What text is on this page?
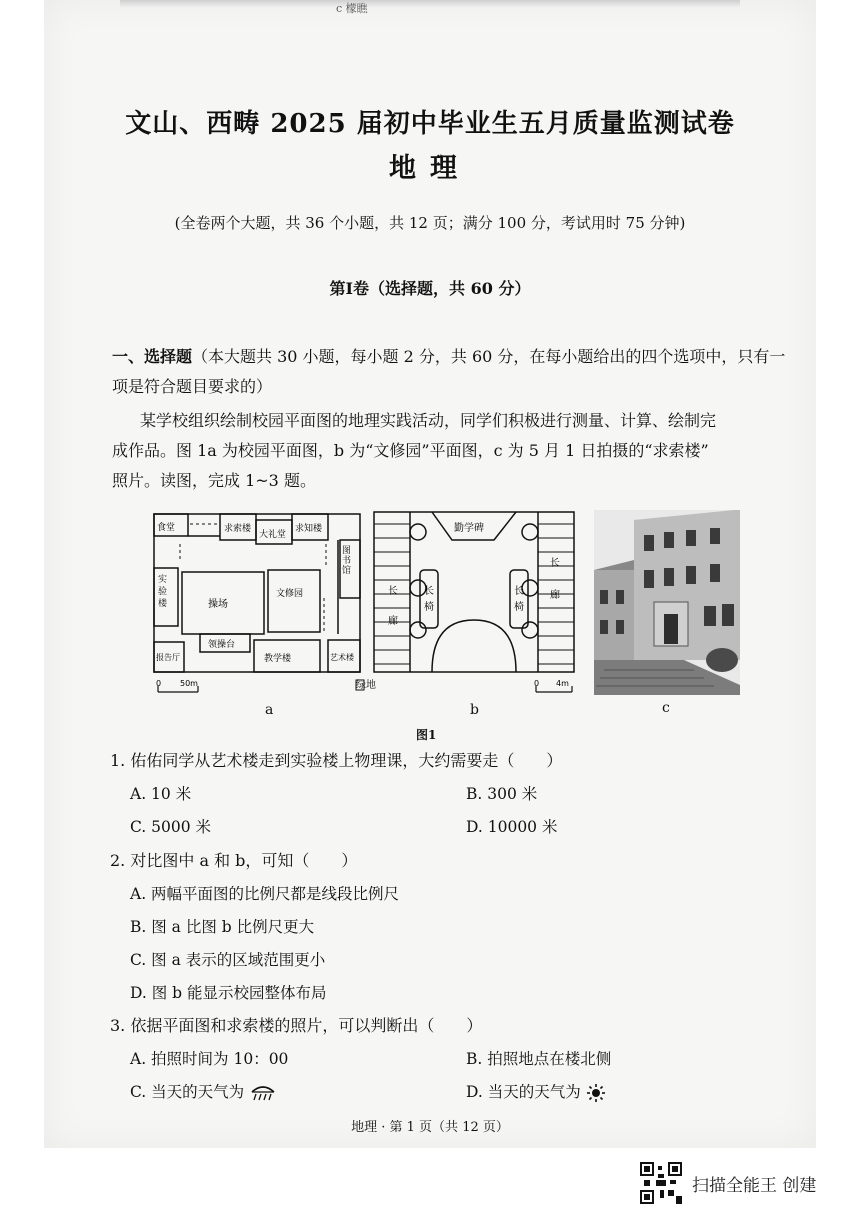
c 檬瞧
文山、西畴 2025 届初中毕业生五月质量监测试卷
地理
(全卷两个大题，共 36 个小题，共 12 页；满分 100 分，考试用时 75 分钟)
第Ⅰ卷（选择题，共 60 分）
一、选择题（本大题共 30 小题，每小题 2 分，共 60 分，在每小题给出的四个选项中，只有一
项是符合题目要求的）
某学校组织绘制校园平面图的地理实践活动，同学们积极进行测量、计算、绘制完
成作品。图 1a 为校园平面图，b 为“文修园”平面图，c 为 5 月 1 日拍摄的“求索楼”
照片。读图，完成 1~3 题。
食堂	求索楼
大礼堂
求知楼
操场
文修园
领操台
教学楼	艺术楼
报告厅
0 50m
图
书
馆
实
验
楼
绿地
勤学碑
长
廊
长
廊
长
椅
长
椅
0 4m
a	b	c
图1
1. 佑佑同学从艺术楼走到实验楼上物理课，大约需要走（　　）
A. 10 米	B. 300 米
C. 5000 米	D. 10000 米
2. 对比图中 a 和 b，可知（　　）
A. 两幅平面图的比例尺都是线段比例尺
B. 图 a 比图 b 比例尺更大
C. 图 a 表示的区域范围更小
D. 图 b 能显示校园整体布局
3. 依据平面图和求索楼的照片，可以判断出（　　）
A. 拍照时间为 10：00	B. 拍照地点在楼北侧
C. 当天的天气为	D. 当天的天气为
地理 · 第 1 页（共 12 页）
扫描全能王 创建
